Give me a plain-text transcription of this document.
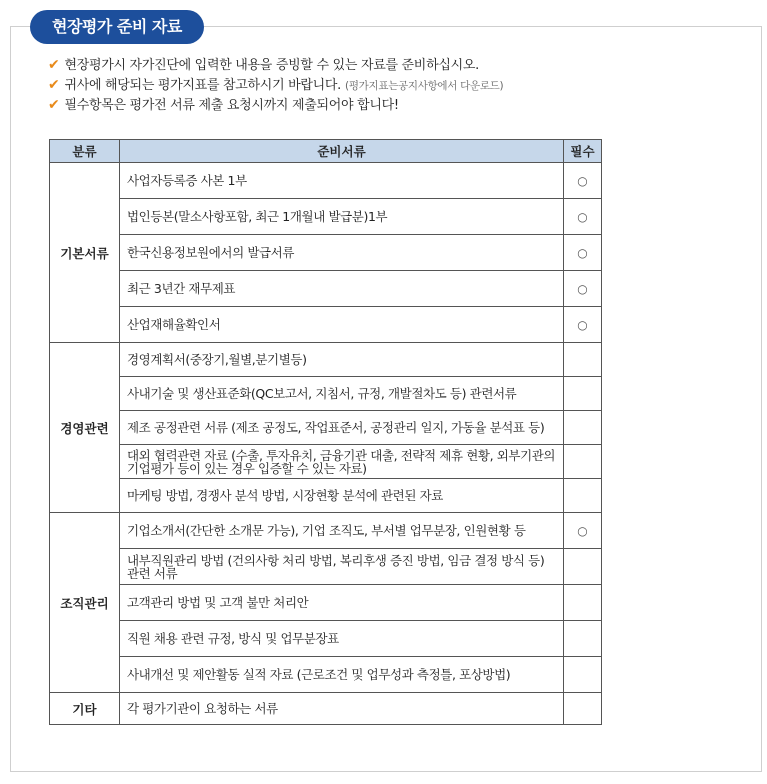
현장평가 준비 자료
✔ 현장평가시 자가진단에 입력한 내용을 증빙할 수 있는 자료를 준비하십시오.
✔ 귀사에 해당되는 평가지표를 참고하시기 바랍니다. (평가지표는공지사항에서 다운로드)
✔ 필수항목은 평가전 서류 제출 요청시까지 제출되어야 합니다!
분류	준비서류	필수
기본서류	사업자등록증 사본 1부	○
	법인등본(말소사항포함, 최근 1개월내 발급분)1부	○
	한국신용정보원에서의 발급서류	○
	최근 3년간 재무제표	○
	산업재해율확인서	○
경영관련	경영계획서(중장기,월별,분기별등)	
	사내기술 및 생산표준화(QC보고서, 지침서, 규정, 개발절차도 등) 관련서류	
	제조 공정관련 서류 (제조 공정도, 작업표준서, 공정관리 일지, 가동율 분석표 등)	
	대외 협력관련 자료 (수출, 투자유치, 금융기관 대출, 전략적 제휴 현황, 외부기관의 기업평가 등이 있는 경우 입증할 수 있는 자료)	
	마케팅 방법, 경쟁사 분석 방법, 시장현황 분석에 관련된 자료	
조직관리	기업소개서(간단한 소개문 가능), 기업 조직도, 부서별 업무분장, 인원현황 등	○
	내부직원관리 방법 (건의사항 처리 방법, 복리후생 증진 방법, 임금 결정 방식 등) 관련 서류	
	고객관리 방법 및 고객 불만 처리안	
	직원 채용 관련 규정, 방식 및 업무분장표	
	사내개선 및 제안활동 실적 자료 (근로조건 및 업무성과 측정틀, 포상방법)	
기타	각 평가기관이 요청하는 서류	
